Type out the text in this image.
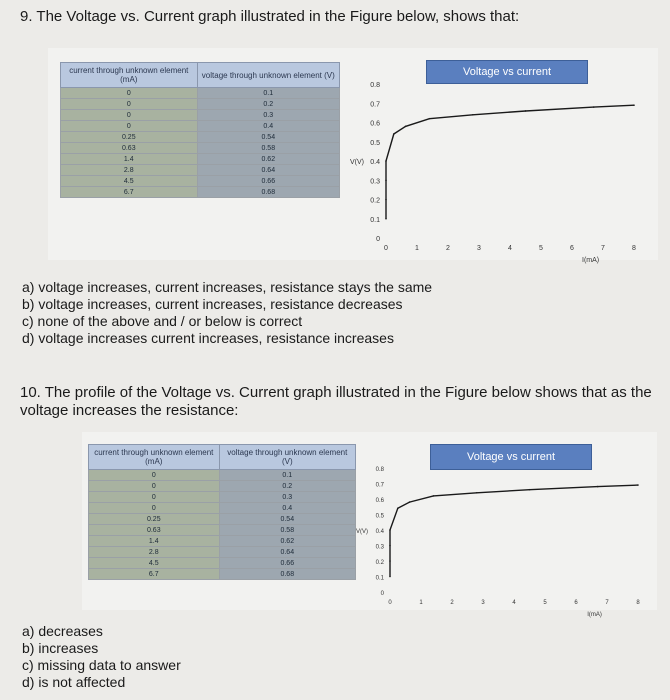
9. The Voltage vs. Current graph illustrated in the Figure below, shows that:
current through unknown element (mA)	voltage through unknown element (V)
0	0.1
0	0.2
0	0.3
0	0.4
0.25	0.54
0.63	0.58
1.4	0.62
2.8	0.64
4.5	0.66
6.7	0.68
Voltage vs current
0
0.1
0.2
0.3
0.4
0.5
0.6
0.7
0.8
0	1	2	3	4	5	6	7	8
V(V)
I(mA)
a) voltage increases, current increases, resistance stays the same
b) voltage increases, current increases, resistance decreases
c) none of the above and / or below is correct
d) voltage increases current increases, resistance increases
10. The profile of the Voltage vs. Current graph illustrated in the Figure below shows that as the voltage increases the resistance:
current through unknown element (mA)	voltage through unknown element (V)
0	0.1
0	0.2
0	0.3
0	0.4
0.25	0.54
0.63	0.58
1.4	0.62
2.8	0.64
4.5	0.66
6.7	0.68
Voltage vs current
0
0.1
0.2
0.3
0.4
0.5
0.6
0.7
0.8
0	1	2	3	4	5	6	7	8
V(V)
I(mA)
a) decreases
b) increases
c) missing data to answer
d) is not affected
